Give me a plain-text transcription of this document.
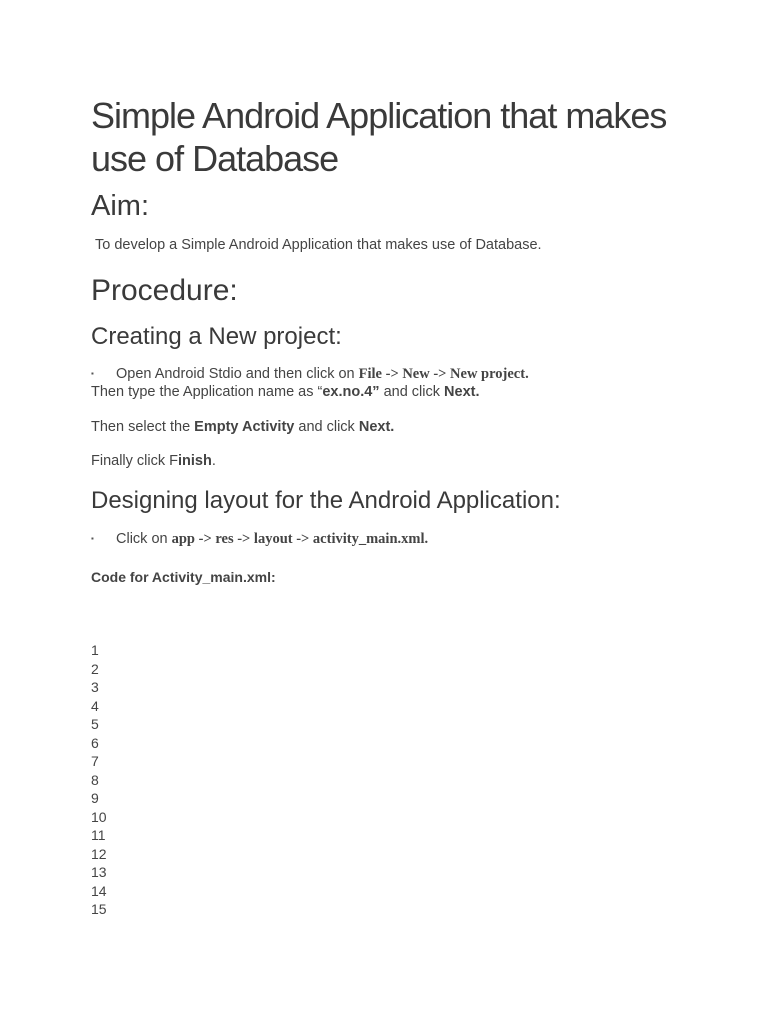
Simple Android Application that makes use of Database
Aim:

To develop a Simple Android Application that makes use of Database.

Procedure:
Creating a New project:
▪ Open Android Stdio and then click on File -> New -> New project.
Then type the Application name as “ex.no.4” and click Next.
Then select the Empty Activity and click Next.
Finally click Finish.
Designing layout for the Android Application:
▪ Click on app -> res -> layout -> activity_main.xml.
Code for Activity_main.xml:
1
2
3
4
5
6
7
8
9
10
11
12
13
14
15
